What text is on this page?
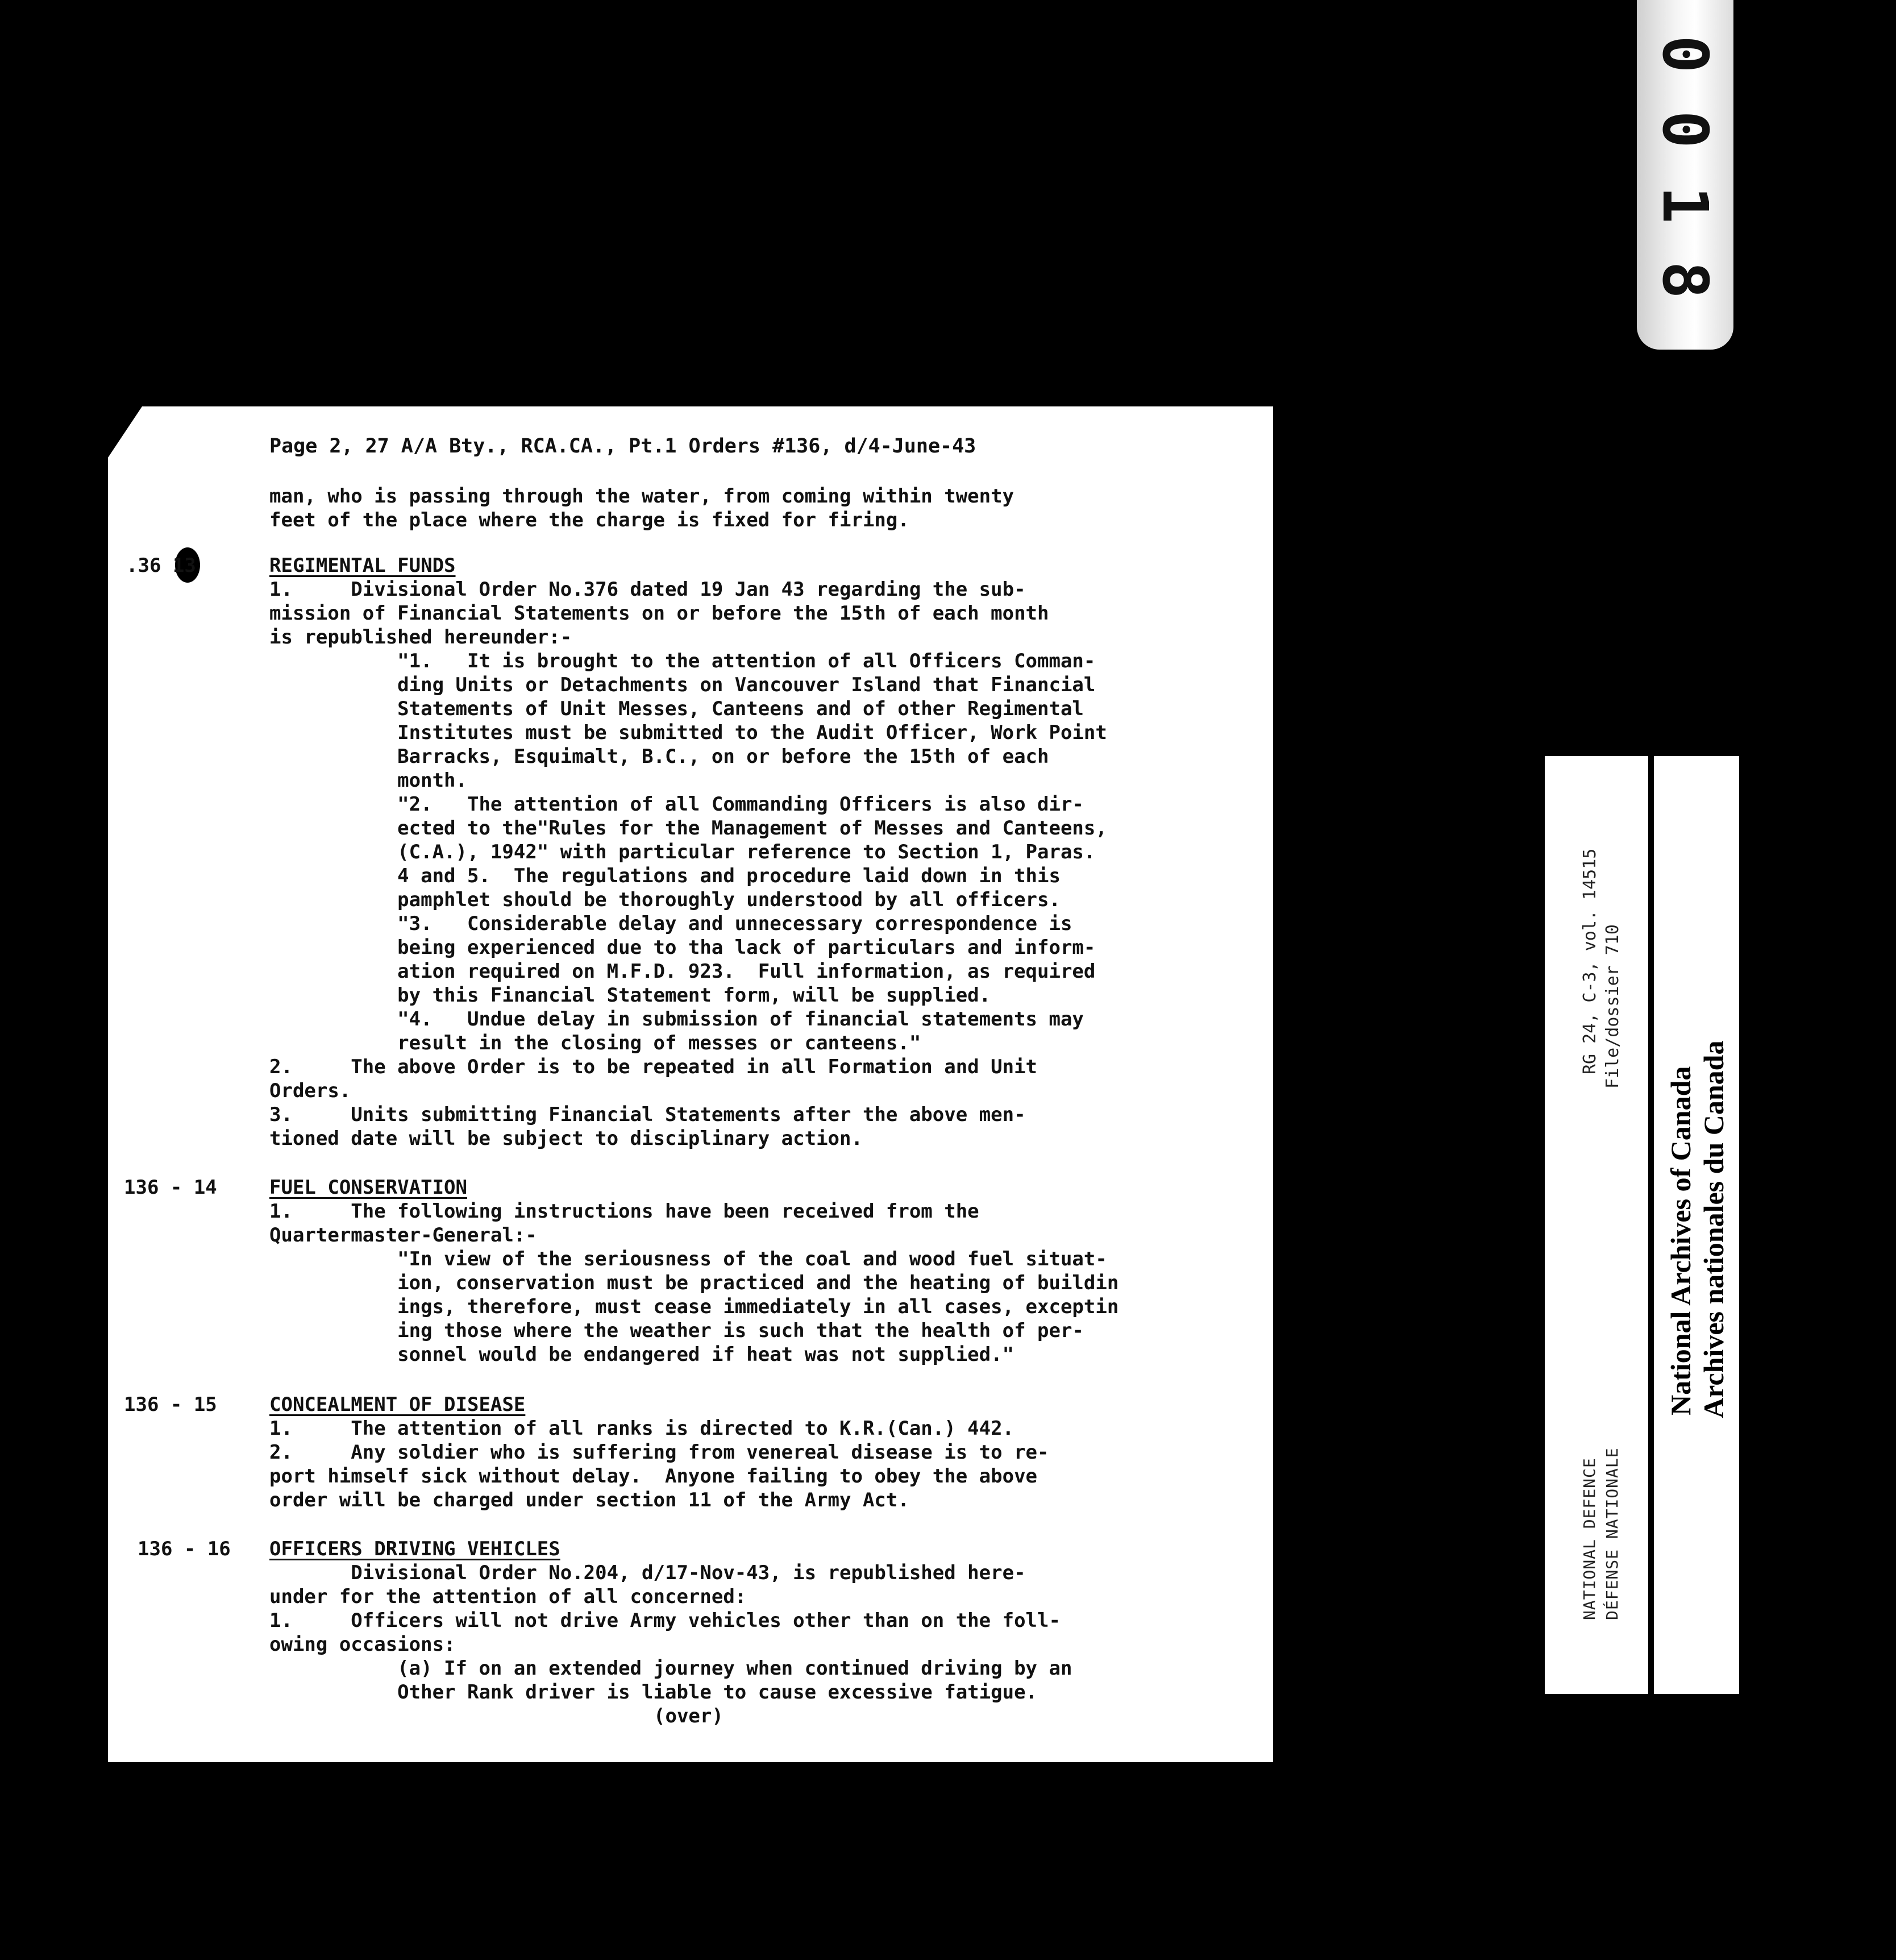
0 0 1 8
Page 2, 27 A/A Bty., RCA.CA., Pt.1 Orders #136, d/4-June-43
man, who is passing through the water, from coming within twenty
feet of the place where the charge is fixed for firing.
.36 13	REGIMENTAL FUNDS
1.     Divisional Order No.376 dated 19 Jan 43 regarding the sub-
mission of Financial Statements on or before the 15th of each month
is republished hereunder:-
"1.   It is brought to the attention of all Officers Comman-
ding Units or Detachments on Vancouver Island that Financial
Statements of Unit Messes, Canteens and of other Regimental
Institutes must be submitted to the Audit Officer, Work Point
Barracks, Esquimalt, B.C., on or before the 15th of each
month.
"2.   The attention of all Commanding Officers is also dir-
ected to the"Rules for the Management of Messes and Canteens,
(C.A.), 1942" with particular reference to Section 1, Paras.
4 and 5.  The regulations and procedure laid down in this
pamphlet should be thoroughly understood by all officers.
"3.   Considerable delay and unnecessary correspondence is
being experienced due to tha lack of particulars and inform-
ation required on M.F.D. 923.  Full information, as required
by this Financial Statement form, will be supplied.
"4.   Undue delay in submission of financial statements may
result in the closing of messes or canteens."
2.     The above Order is to be repeated in all Formation and Unit
Orders.
3.     Units submitting Financial Statements after the above men-
tioned date will be subject to disciplinary action.
136 - 14	FUEL CONSERVATION
1.     The following instructions have been received from the
Quartermaster-General:-
"In view of the seriousness of the coal and wood fuel situat-
ion, conservation must be practiced and the heating of buildin
ings, therefore, must cease immediately in all cases, exceptin
ing those where the weather is such that the health of per-
sonnel would be endangered if heat was not supplied."
136 - 15	CONCEALMENT OF DISEASE
1.     The attention of all ranks is directed to K.R.(Can.) 442.
2.     Any soldier who is suffering from venereal disease is to re-
port himself sick without delay.  Anyone failing to obey the above
order will be charged under section 11 of the Army Act.
136 - 16 OFFICERS DRIVING VEHICLES
Divisional Order No.204, d/17-Nov-43, is republished here-
under for the attention of all concerned:
1.     Officers will not drive Army vehicles other than on the foll-
owing occasions:
(a) If on an extended journey when continued driving by an
Other Rank driver is liable to cause excessive fatigue.
(over)
RG 24, C-3, vol. 14515 File/dossier 710
NATIONAL DEFENCE DÉFENSE NATIONALE
National Archives of Canada Archives nationales du Canada
